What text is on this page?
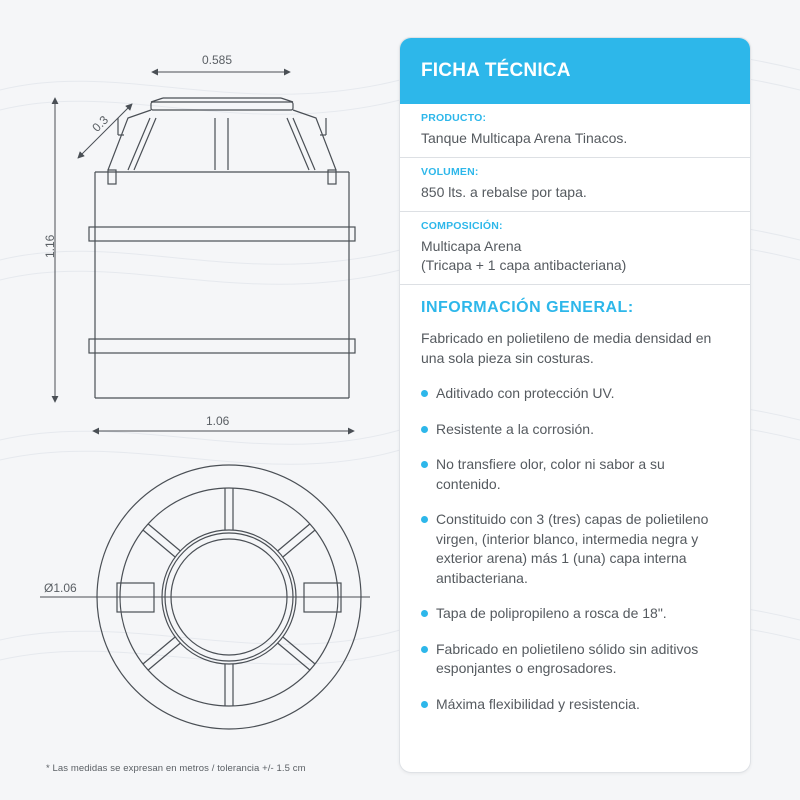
0.585
0.3
1.16
1.06
Ø1.06
* Las medidas se expresan en metros / tolerancia +/- 1.5 cm
FICHA TÉCNICA
PRODUCTO:
Tanque Multicapa Arena Tinacos.
VOLUMEN:
850 lts. a rebalse por tapa.
COMPOSICIÓN:
Multicapa Arena
(Tricapa + 1 capa antibacteriana)
INFORMACIÓN GENERAL:
Fabricado en polietileno de media densidad en una sola pieza sin costuras.
Aditivado con protección UV.
Resistente a la corrosión.
No transfiere olor, color ni sabor a su contenido.
Constituido con 3 (tres) capas de polietileno virgen, (interior blanco, intermedia negra y exterior arena) más 1 (una) capa interna antibacteriana.
Tapa de polipropileno a rosca de 18".
Fabricado en polietileno sólido sin aditivos esponjantes o engrosadores.
Máxima flexibilidad y resistencia.
